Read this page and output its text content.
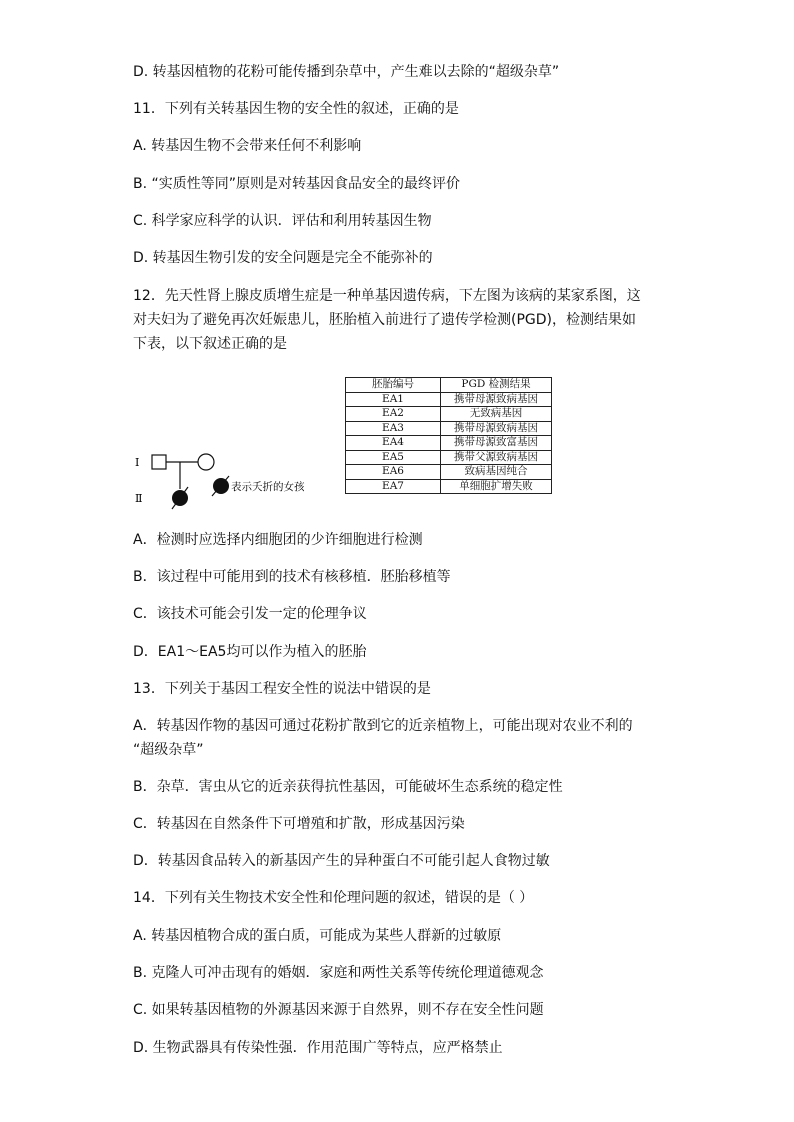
D. 转基因植物的花粉可能传播到杂草中，产生难以去除的“超级杂草”
11．下列有关转基因生物的安全性的叙述，正确的是
A. 转基因生物不会带来任何不利影响
B. “实质性等同”原则是对转基因食品安全的最终评价
C. 科学家应科学的认识．评估和利用转基因生物
D. 转基因生物引发的安全问题是完全不能弥补的
12．先天性肾上腺皮质增生症是一种单基因遗传病，下左图为该病的某家系图，这
对夫妇为了避免再次妊娠患儿，胚胎植入前进行了遗传学检测(PGD)，检测结果如
下表，以下叙述正确的是
I
Ⅱ
表示夭折的女孩
胚胎编号	PGD 检测结果
EA1	携带母源致病基因
EA2	无致病基因
EA3	携带母源致病基因
EA4	携带母源致富基因
EA5	携带父源致病基因
EA6	致病基因纯合
EA7	单细胞扩增失败
A．检测时应选择内细胞团的少许细胞进行检测
B．该过程中可能用到的技术有核移植．胚胎移植等
C．该技术可能会引发一定的伦理争议
D．EA1～EA5均可以作为植入的胚胎
13．下列关于基因工程安全性的说法中错误的是
A．转基因作物的基因可通过花粉扩散到它的近亲植物上，可能出现对农业不利的
“超级杂草”
B．杂草．害虫从它的近亲获得抗性基因，可能破坏生态系统的稳定性
C．转基因在自然条件下可增殖和扩散，形成基因污染
D．转基因食品转入的新基因产生的异种蛋白不可能引起人食物过敏
14．下列有关生物技术安全性和伦理问题的叙述，错误的是（ ）
A. 转基因植物合成的蛋白质，可能成为某些人群新的过敏原
B. 克隆人可冲击现有的婚姻．家庭和两性关系等传统伦理道德观念
C. 如果转基因植物的外源基因来源于自然界，则不存在安全性问题
D. 生物武器具有传染性强．作用范围广等特点，应严格禁止
